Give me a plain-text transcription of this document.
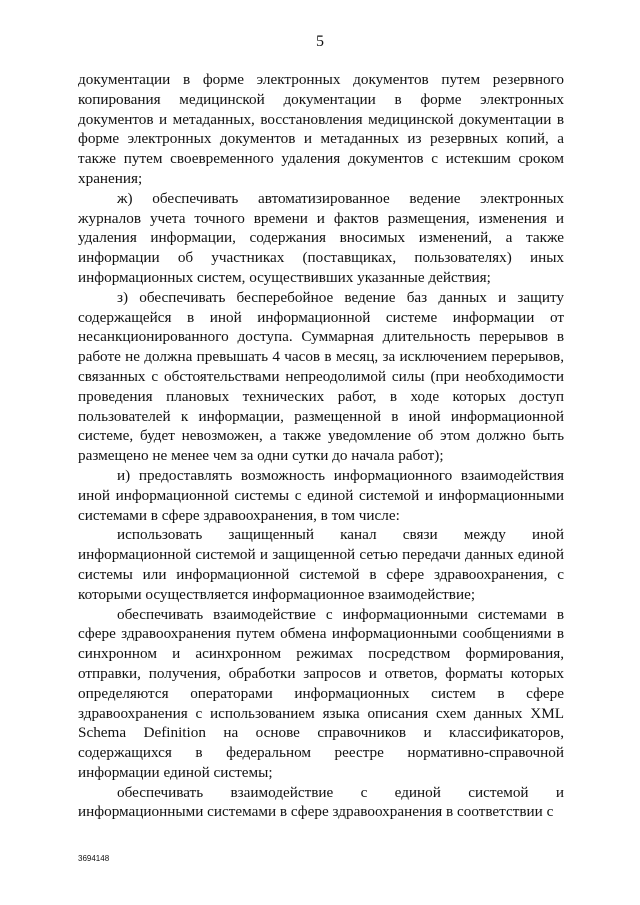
5

документации в форме электронных документов путем резервного копирования медицинской документации в форме электронных документов и метаданных, восстановления медицинской документации в форме электронных документов и метаданных из резервных копий, а также путем своевременного удаления документов с истекшим сроком хранения;

ж) обеспечивать автоматизированное ведение электронных журналов учета точного времени и фактов размещения, изменения и удаления информации, содержания вносимых изменений, а также информации об участниках (поставщиках, пользователях) иных информационных систем, осуществивших указанные действия;

з) обеспечивать бесперебойное ведение баз данных и защиту содержащейся в иной информационной системе информации от несанкционированного доступа. Суммарная длительность перерывов в работе не должна превышать 4 часов в месяц, за исключением перерывов, связанных с обстоятельствами непреодолимой силы (при необходимости проведения плановых технических работ, в ходе которых доступ пользователей к информации, размещенной в иной информационной системе, будет невозможен, а также уведомление об этом должно быть размещено не менее чем за одни сутки до начала работ);

и) предоставлять возможность информационного взаимодействия иной информационной системы с единой системой и информационными системами в сфере здравоохранения, в том числе:

использовать защищенный канал связи между иной информационной системой и защищенной сетью передачи данных единой системы или информационной системой в сфере здравоохранения, с которыми осуществляется информационное взаимодействие;

обеспечивать взаимодействие с информационными системами в сфере здравоохранения путем обмена информационными сообщениями в синхронном и асинхронном режимах посредством формирования, отправки, получения, обработки запросов и ответов, форматы которых определяются операторами информационных систем в сфере здравоохранения с использованием языка описания схем данных XML Schema Definition на основе справочников и классификаторов, содержащихся в федеральном реестре нормативно-справочной информации единой системы;

обеспечивать взаимодействие с единой системой и информационными системами в сфере здравоохранения в соответствии с

3694148
